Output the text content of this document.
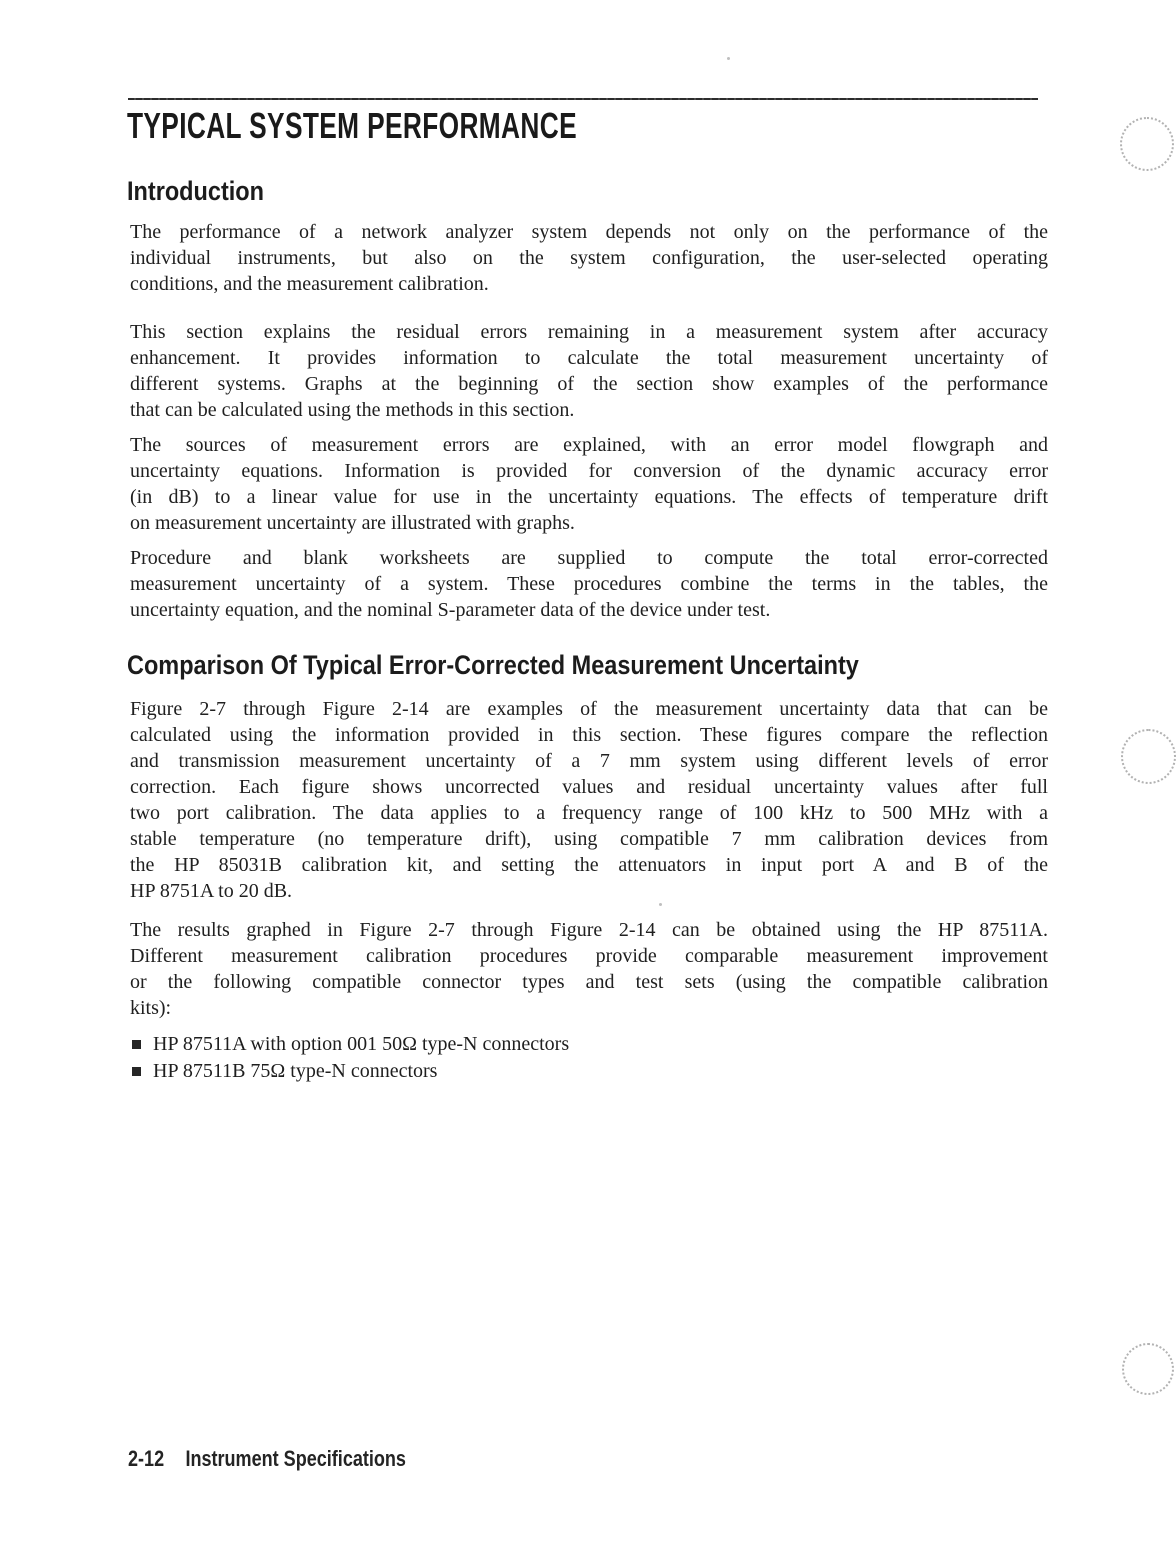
TYPICAL SYSTEM PERFORMANCE
Introduction
The performance of a network analyzer system depends not only on the performance of the
individual instruments, but also on the system configuration, the user-selected operating
conditions, and the measurement calibration.
This section explains the residual errors remaining in a measurement system after accuracy
enhancement. It provides information to calculate the total measurement uncertainty of
different systems. Graphs at the beginning of the section show examples of the performance
that can be calculated using the methods in this section.
The sources of measurement errors are explained, with an error model flowgraph and
uncertainty equations. Information is provided for conversion of the dynamic accuracy error
(in dB) to a linear value for use in the uncertainty equations. The effects of temperature drift
on measurement uncertainty are illustrated with graphs.
Procedure and blank worksheets are supplied to compute the total error-corrected
measurement uncertainty of a system. These procedures combine the terms in the tables, the
uncertainty equation, and the nominal S-parameter data of the device under test.
Comparison Of Typical Error-Corrected Measurement Uncertainty
Figure 2-7 through Figure 2-14 are examples of the measurement uncertainty data that can be
calculated using the information provided in this section. These figures compare the reflection
and transmission measurement uncertainty of a 7 mm system using different levels of error
correction. Each figure shows uncorrected values and residual uncertainty values after full
two port calibration. The data applies to a frequency range of 100 kHz to 500 MHz with a
stable temperature (no temperature drift), using compatible 7 mm calibration devices from
the HP 85031B calibration kit, and setting the attenuators in input port A and B of the
HP 8751A to 20 dB.
The results graphed in Figure 2-7 through Figure 2-14 can be obtained using the HP 87511A.
Different measurement calibration procedures provide comparable measurement improvement
or the following compatible connector types and test sets (using the compatible calibration
kits):
HP 87511A with option 001 50Ω type-N connectors
HP 87511B 75Ω type-N connectors
2-12 Instrument Specifications
